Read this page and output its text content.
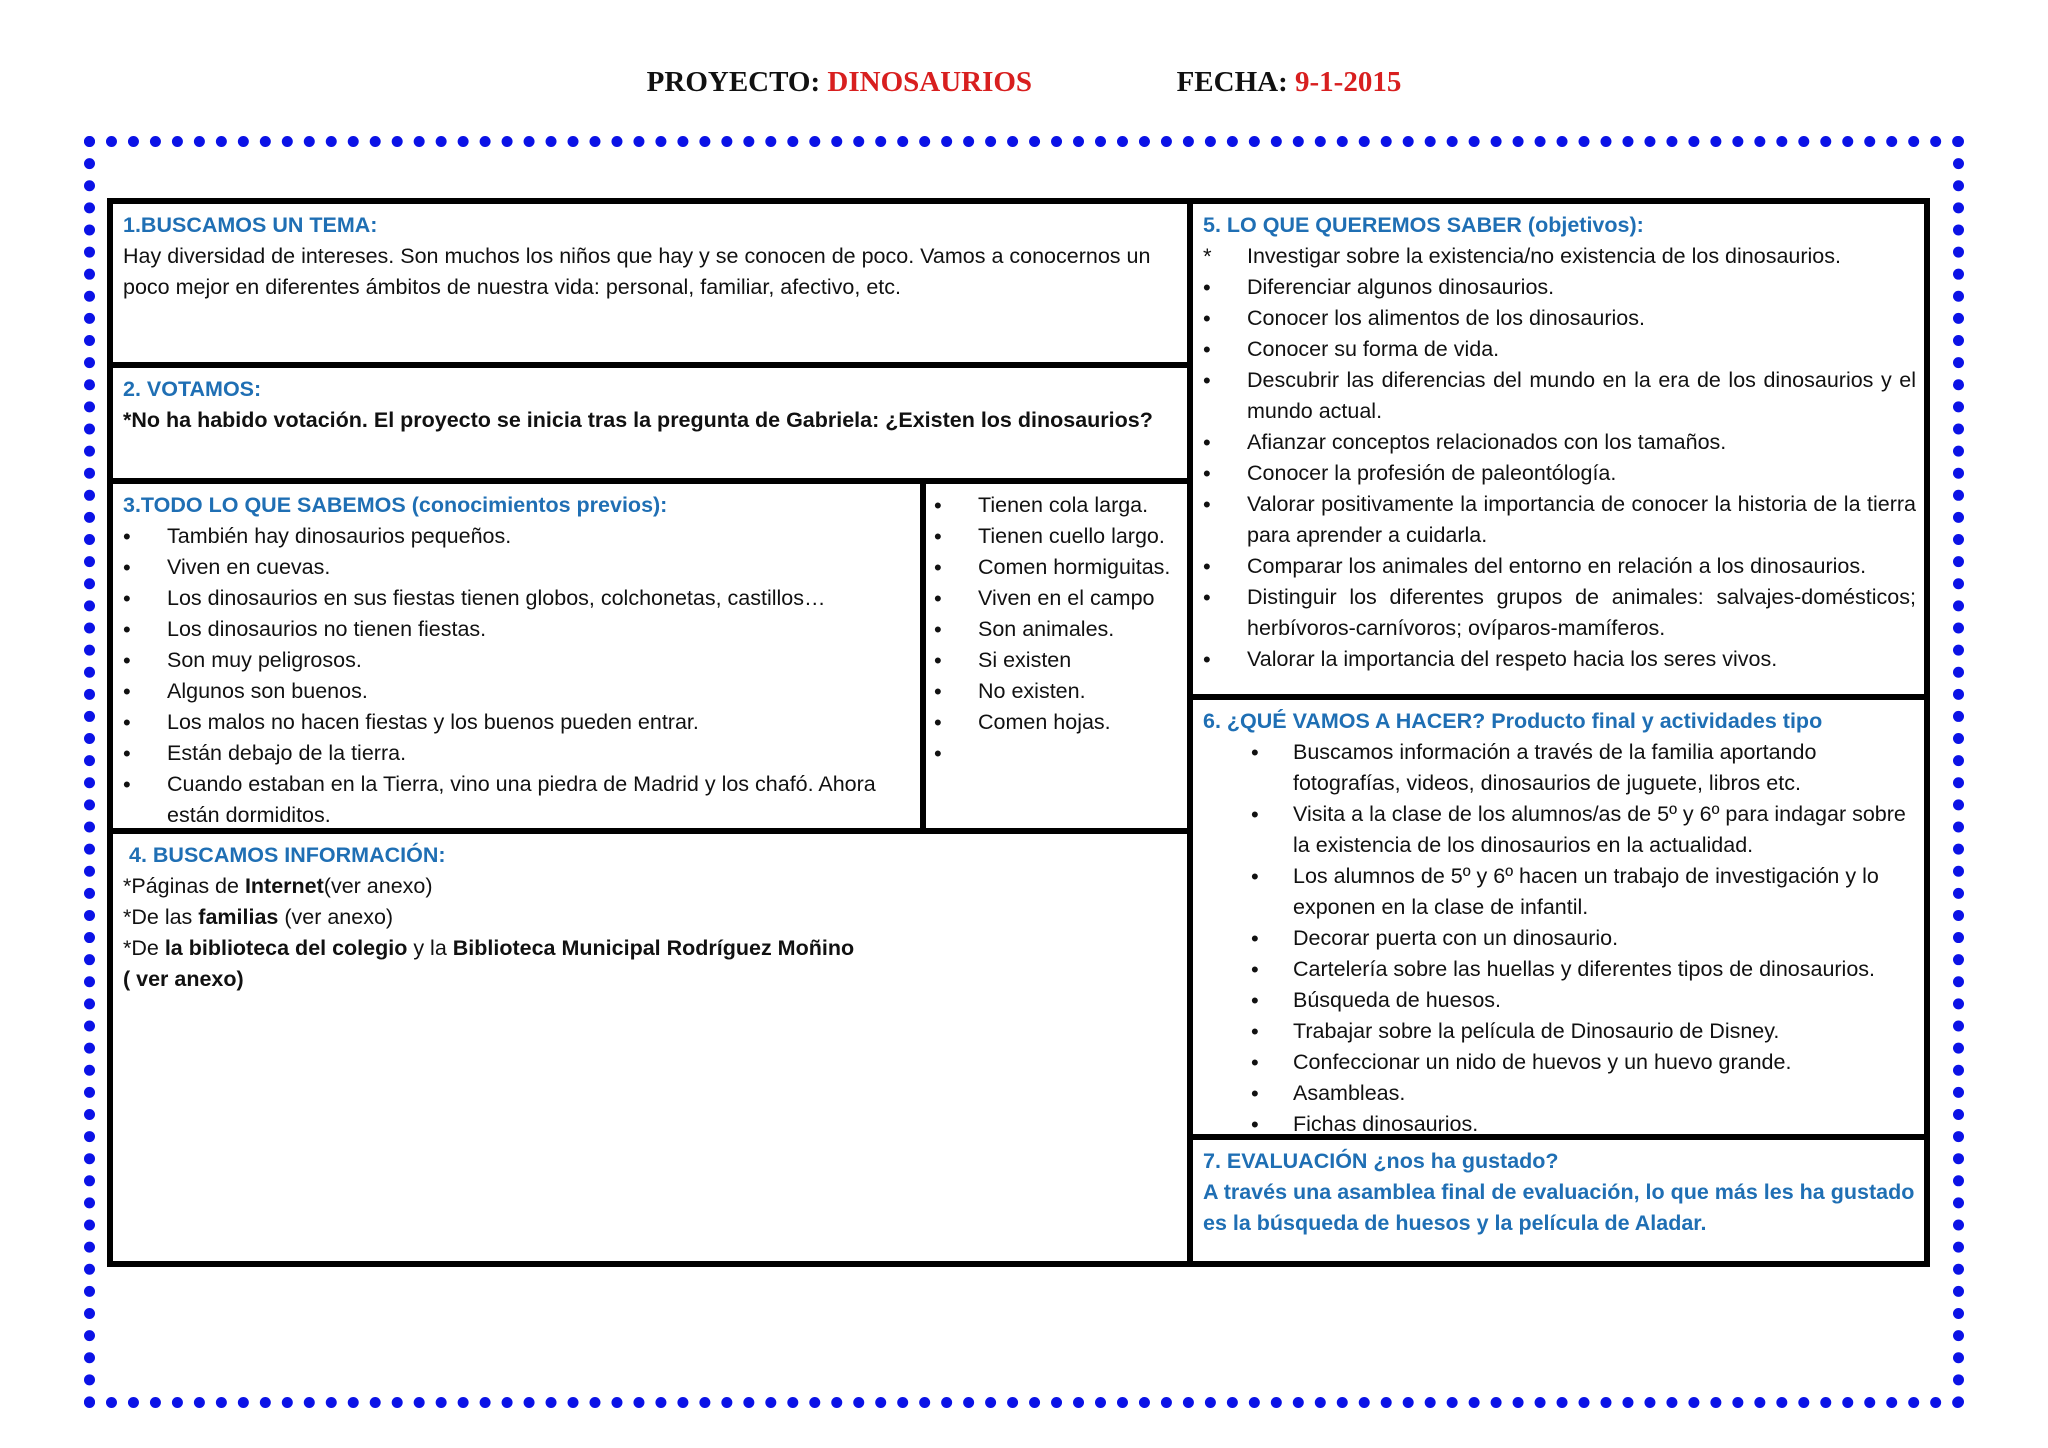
PROYECTO: DINOSAURIOS	FECHA: 9-1-2015
1.BUSCAMOS UN TEMA:
Hay diversidad de intereses. Son muchos los niños que hay y se conocen de poco. Vamos a conocernos un poco mejor en diferentes ámbitos de nuestra vida: personal, familiar, afectivo, etc.
2. VOTAMOS:
*No ha habido votación. El proyecto se inicia tras la pregunta de Gabriela: ¿Existen los dinosaurios?
3.TODO LO QUE SABEMOS (conocimientos previos):
• También hay dinosaurios pequeños.
• Viven en cuevas.
• Los dinosaurios en sus fiestas tienen globos, colchonetas, castillos…
• Los dinosaurios no tienen fiestas.
• Son muy peligrosos.
• Algunos son buenos.
• Los malos no hacen fiestas y los buenos pueden entrar.
• Están debajo de la tierra.
• Cuando estaban en la Tierra, vino una piedra de Madrid y los chafó. Ahora están dormiditos.
• Tienen cola larga.
• Tienen cuello largo.
• Comen hormiguitas.
• Viven en el campo
• Son animales.
• Si existen
• No existen.
• Comen hojas.
•
4. BUSCAMOS INFORMACIÓN:
*Páginas de Internet(ver anexo)
*De las familias (ver anexo)
*De la biblioteca del colegio y la Biblioteca Municipal Rodríguez Moñino
( ver anexo)
5. LO QUE QUEREMOS SABER (objetivos):
* Investigar sobre la existencia/no existencia de los dinosaurios.
• Diferenciar algunos dinosaurios.
• Conocer los alimentos de los dinosaurios.
• Conocer su forma de vida.
• Descubrir las diferencias del mundo en la era de los dinosaurios y el mundo actual.
• Afianzar conceptos relacionados con los tamaños.
• Conocer la profesión de paleontólogía.
• Valorar positivamente la importancia de conocer la historia de la tierra para aprender a cuidarla.
• Comparar los animales del entorno en relación a los dinosaurios.
• Distinguir los diferentes grupos de animales: salvajes-domésticos; herbívoros-carnívoros; ovíparos-mamíferos.
• Valorar la importancia del respeto hacia los seres vivos.
6. ¿QUÉ VAMOS A HACER? Producto final y actividades tipo
• Buscamos información a través de la familia aportando fotografías, videos, dinosaurios de juguete, libros etc.
• Visita a la clase de los alumnos/as de 5º y 6º para indagar sobre la existencia de los dinosaurios en la actualidad.
• Los alumnos de 5º y 6º hacen un trabajo de investigación y lo exponen en la clase de infantil.
• Decorar puerta con un dinosaurio.
• Cartelería sobre las huellas y diferentes tipos de dinosaurios.
• Búsqueda de huesos.
• Trabajar sobre la película de Dinosaurio de Disney.
• Confeccionar un nido de huevos y un huevo grande.
• Asambleas.
• Fichas dinosaurios.
7. EVALUACIÓN ¿nos ha gustado?
A través una asamblea final de evaluación, lo que más les ha gustado es la búsqueda de huesos y la película de Aladar.
